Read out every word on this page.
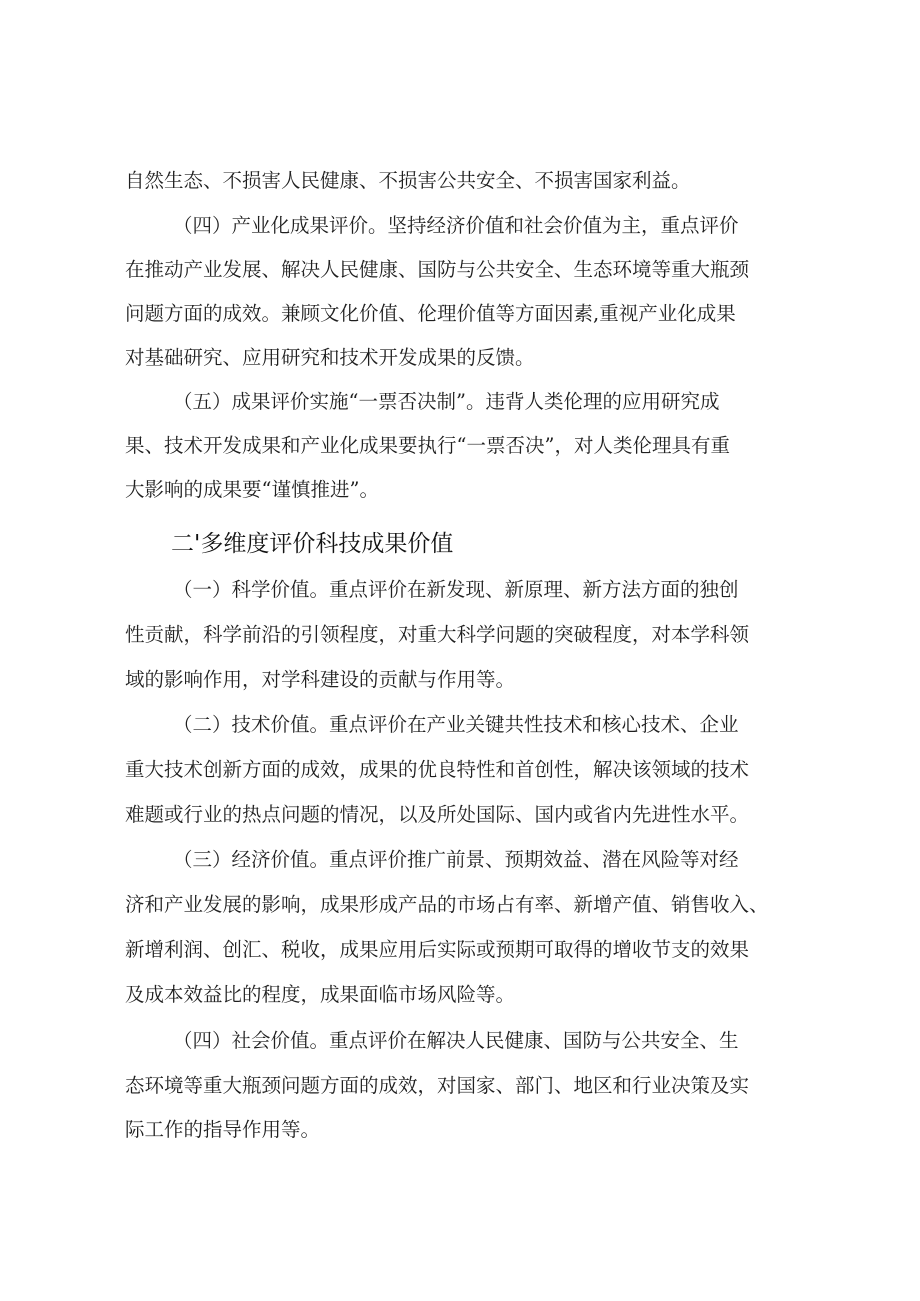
自然生态、不损害人民健康、不损害公共安全、不损害国家利益。
（四）产业化成果评价。坚持经济价值和社会价值为主，重点评价
在推动产业发展、解决人民健康、国防与公共安全、生态环境等重大瓶颈
问题方面的成效。兼顾文化价值、伦理价值等方面因素,重视产业化成果
对基础研究、应用研究和技术开发成果的反馈。
（五）成果评价实施“一票否决制”。违背人类伦理的应用研究成
果、技术开发成果和产业化成果要执行“一票否决”，对人类伦理具有重
大影响的成果要“谨慎推进”。
二'多维度评价科技成果价值
（一）科学价值。重点评价在新发现、新原理、新方法方面的独创
性贡献，科学前沿的引领程度，对重大科学问题的突破程度，对本学科领
域的影响作用，对学科建设的贡献与作用等。
（二）技术价值。重点评价在产业关键共性技术和核心技术、企业
重大技术创新方面的成效，成果的优良特性和首创性，解决该领域的技术
难题或行业的热点问题的情况，以及所处国际、国内或省内先进性水平。
（三）经济价值。重点评价推广前景、预期效益、潜在风险等对经
济和产业发展的影响，成果形成产品的市场占有率、新增产值、销售收入、
新增利润、创汇、税收，成果应用后实际或预期可取得的增收节支的效果
及成本效益比的程度，成果面临市场风险等。
（四）社会价值。重点评价在解决人民健康、国防与公共安全、生
态环境等重大瓶颈问题方面的成效，对国家、部门、地区和行业决策及实
际工作的指导作用等。
